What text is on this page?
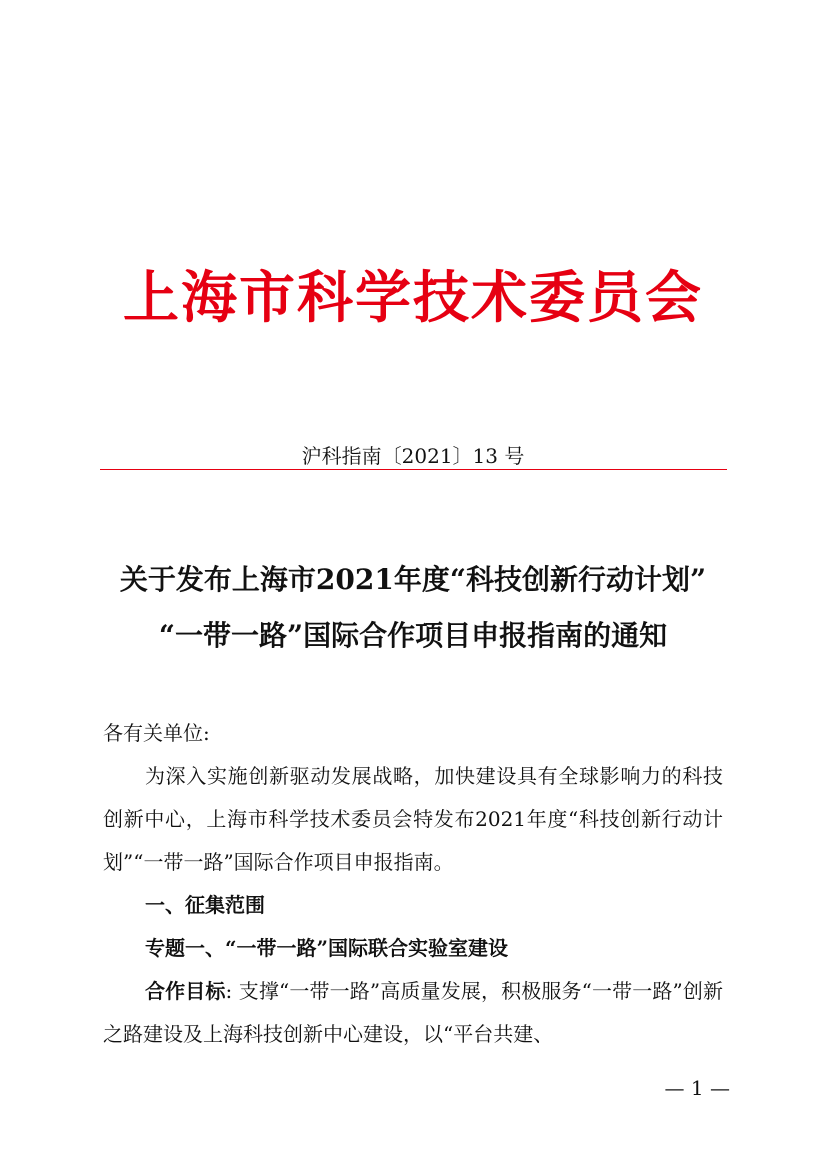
上海市科学技术委员会
沪科指南〔2021〕13 号
关于发布上海市2021年度“科技创新行动计划”
“一带一路”国际合作项目申报指南的通知

各有关单位:

为深入实施创新驱动发展战略，加快建设具有全球影响力的科技创新中心，上海市科学技术委员会特发布2021年度“科技创新行动计划”“一带一路”国际合作项目申报指南。

一、征集范围

专题一、“一带一路”国际联合实验室建设

合作目标: 支撑“一带一路”高质量发展，积极服务“一带一路”创新之路建设及上海科技创新中心建设，以“平台共建、

— 1 —
